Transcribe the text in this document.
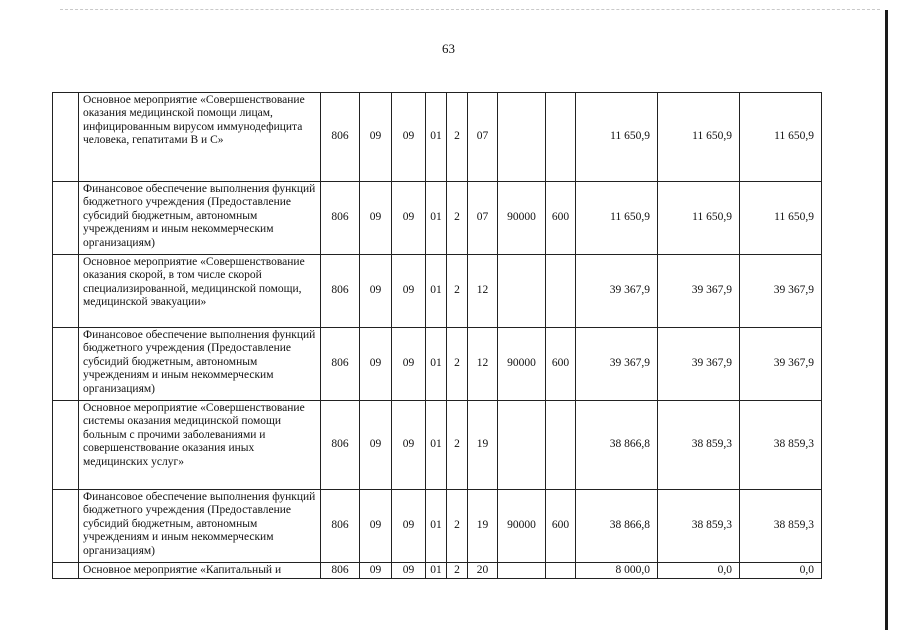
63
	Основное мероприятие «Совершенствование оказания медицинской помощи лицам, инфицированным вирусом иммунодефицита человека, гепатитами В и С»	806	09	09	01	2	07			11 650,9	11 650,9	11 650,9
	Финансовое обеспечение выполнения функций бюджетного учреждения (Предоставление субсидий бюджетным, автономным учреждениям и иным некоммерческим организациям)	806	09	09	01	2	07	90000	600	11 650,9	11 650,9	11 650,9
	Основное мероприятие «Совершенствование оказания скорой, в том числе скорой специализированной, медицинской помощи, медицинской эвакуации»	806	09	09	01	2	12			39 367,9	39 367,9	39 367,9
	Финансовое обеспечение выполнения функций бюджетного учреждения (Предоставление субсидий бюджетным, автономным учреждениям и иным некоммерческим организациям)	806	09	09	01	2	12	90000	600	39 367,9	39 367,9	39 367,9
	Основное мероприятие «Совершенствование системы оказания медицинской помощи больным с прочими заболеваниями и совершенствование оказания иных медицинских услуг»	806	09	09	01	2	19			38 866,8	38 859,3	38 859,3
	Финансовое обеспечение выполнения функций бюджетного учреждения (Предоставление субсидий бюджетным, автономным учреждениям и иным некоммерческим организациям)	806	09	09	01	2	19	90000	600	38 866,8	38 859,3	38 859,3
	Основное мероприятие «Капитальный и	806	09	09	01	2	20			8 000,0	0,0	0,0
